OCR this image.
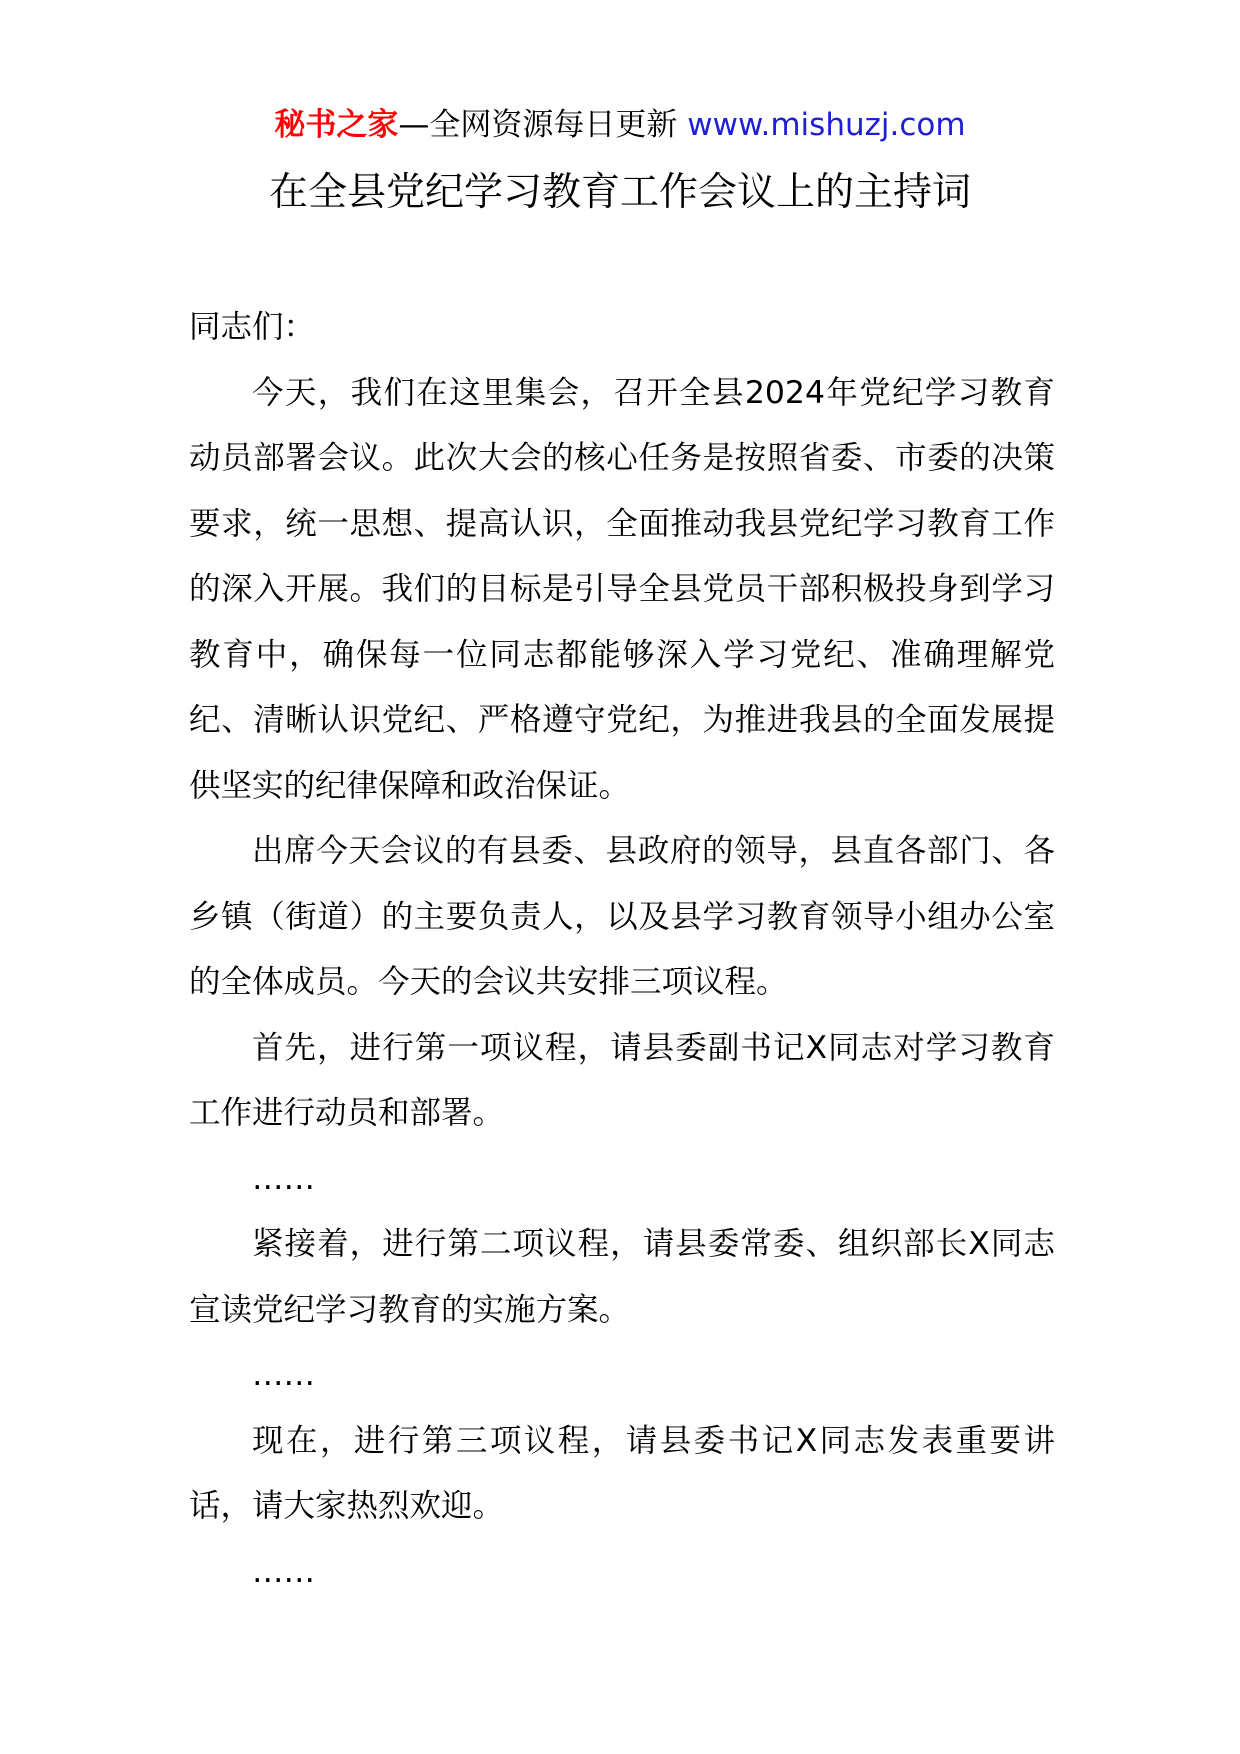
秘书之家—全网资源每日更新 www.mishuzj.com
在全县党纪学习教育工作会议上的主持词

同志们：

今天，我们在这里集会，召开全县2024年党纪学习教育动员部署会议。此次大会的核心任务是按照省委、市委的决策要求，统一思想、提高认识，全面推动我县党纪学习教育工作的深入开展。我们的目标是引导全县党员干部积极投身到学习教育中，确保每一位同志都能够深入学习党纪、准确理解党纪、清晰认识党纪、严格遵守党纪，为推进我县的全面发展提供坚实的纪律保障和政治保证。

出席今天会议的有县委、县政府的领导，县直各部门、各乡镇（街道）的主要负责人，以及县学习教育领导小组办公室的全体成员。今天的会议共安排三项议程。

首先，进行第一项议程，请县委副书记X同志对学习教育工作进行动员和部署。

……

紧接着，进行第二项议程，请县委常委、组织部长X同志宣读党纪学习教育的实施方案。

……

现在，进行第三项议程，请县委书记X同志发表重要讲话，请大家热烈欢迎。

……
